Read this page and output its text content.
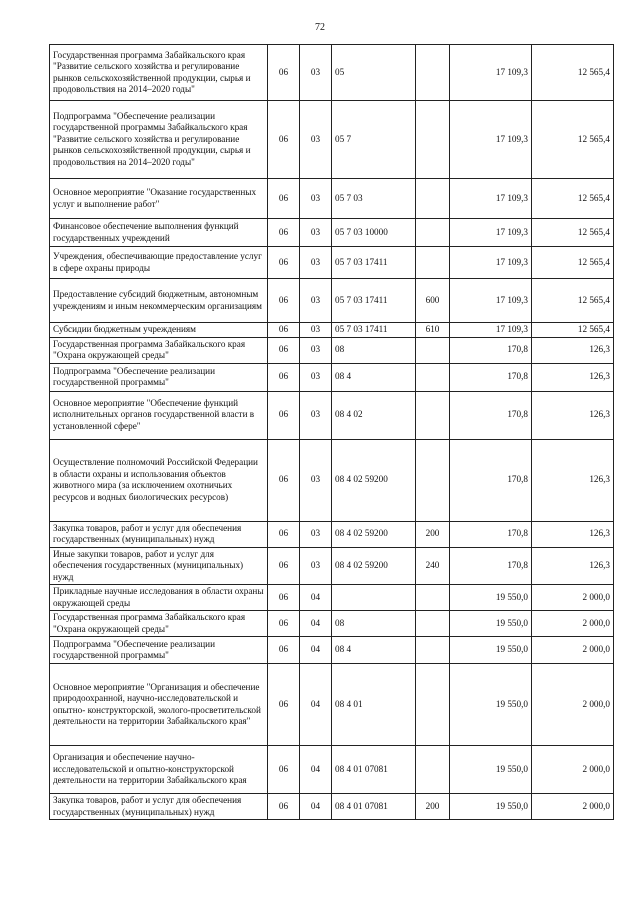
72
Государственная программа Забайкальского края "Развитие сельского хозяйства и регулирование рынков сельскохозяйственной продукции, сырья и продовольствия на 2014–2020 годы"	06	03	05		17 109,3	12 565,4
Подпрограмма "Обеспечение реализации государственной программы Забайкальского края "Развитие сельского хозяйства и регулирование рынков сельскохозяйственной продукции, сырья и продовольствия на 2014–2020 годы"	06	03	05 7		17 109,3	12 565,4
Основное мероприятие "Оказание государственных услуг и выполнение работ"	06	03	05 7 03		17 109,3	12 565,4
Финансовое обеспечение выполнения функций государственных учреждений	06	03	05 7 03 10000		17 109,3	12 565,4
Учреждения, обеспечивающие предоставление услуг в сфере охраны природы	06	03	05 7 03 17411		17 109,3	12 565,4
Предоставление субсидий бюджетным, автономным учреждениям и иным некоммерческим организациям	06	03	05 7 03 17411	600	17 109,3	12 565,4
Субсидии бюджетным учреждениям	06	03	05 7 03 17411	610	17 109,3	12 565,4
Государственная программа Забайкальского края "Охрана окружающей среды"	06	03	08		170,8	126,3
Подпрограмма "Обеспечение реализации государственной программы"	06	03	08 4		170,8	126,3
Основное мероприятие "Обеспечение функций исполнительных органов государственной власти в установленной сфере"	06	03	08 4 02		170,8	126,3
Осуществление полномочий Российской Федерации в области охраны и использования объектов животного мира (за исключением охотничьих ресурсов и водных биологических ресурсов)	06	03	08 4 02 59200		170,8	126,3
Закупка товаров, работ и услуг для обеспечения государственных (муниципальных) нужд	06	03	08 4 02 59200	200	170,8	126,3
Иные закупки товаров, работ и услуг для обеспечения государственных (муниципальных) нужд	06	03	08 4 02 59200	240	170,8	126,3
Прикладные научные исследования в области охраны окружающей среды	06	04			19 550,0	2 000,0
Государственная программа Забайкальского края "Охрана окружающей среды"	06	04	08		19 550,0	2 000,0
Подпрограмма "Обеспечение реализации государственной программы"	06	04	08 4		19 550,0	2 000,0
Основное мероприятие "Организация и обеспечение природоохранной, научно-исследовательской и опытно- конструкторской, эколого-просветительской деятельности на территории Забайкальского края"	06	04	08 4 01		19 550,0	2 000,0
Организация и обеспечение научно-исследовательской и опытно-конструкторской деятельности на территории Забайкальского края	06	04	08 4 01 07081		19 550,0	2 000,0
Закупка товаров, работ и услуг для обеспечения государственных (муниципальных) нужд	06	04	08 4 01 07081	200	19 550,0	2 000,0
